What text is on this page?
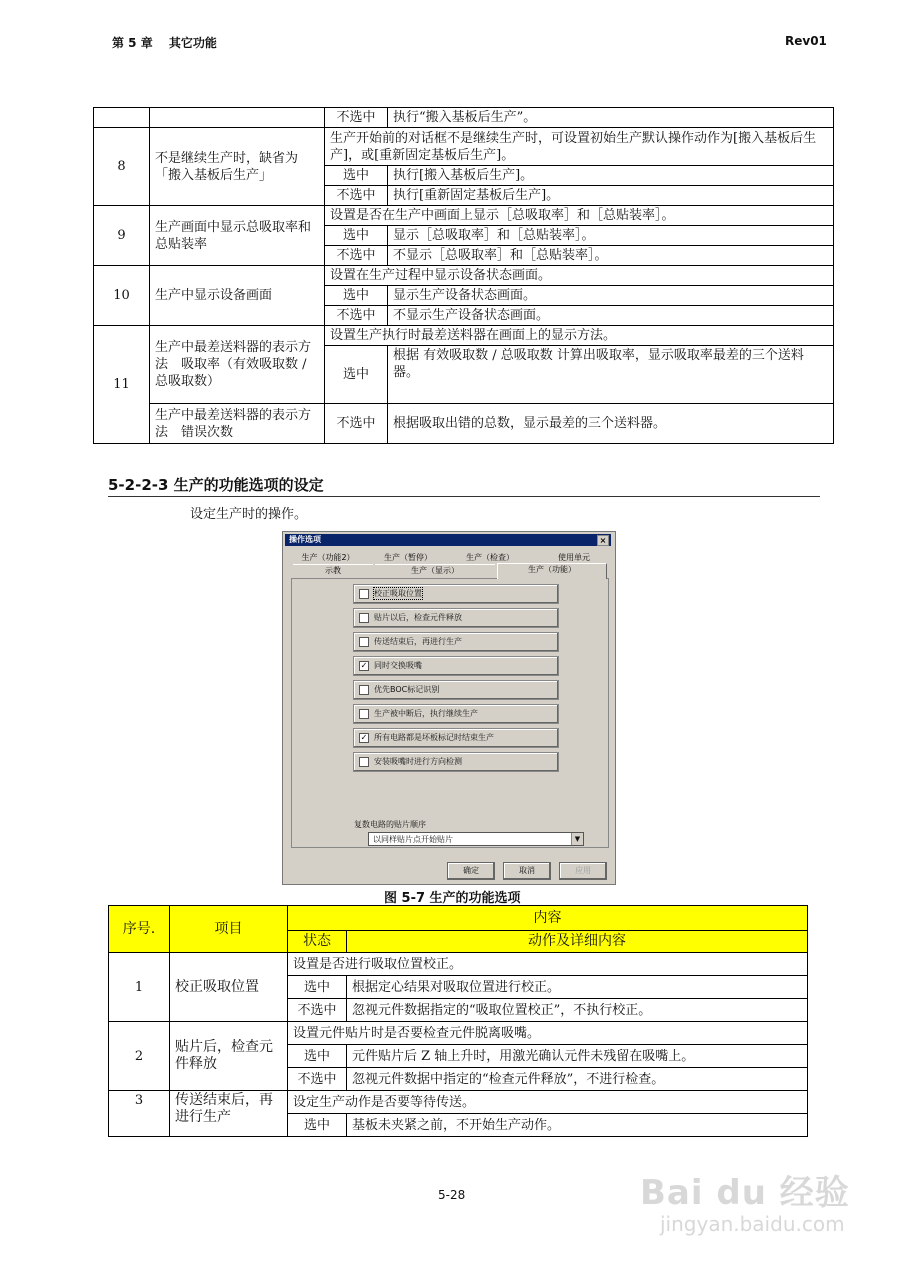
第 5 章　 其它功能	Rev01
		不选中	执行“搬入基板后生产”。
8	不是继续生产时，缺省为「搬入基板后生产」	生产开始前的对话框不是继续生产时，可设置初始生产默认操作动作为[搬入基板后生产]，或[重新固定基板后生产]。	
		选中	执行[搬入基板后生产]。
		不选中	执行[重新固定基板后生产]。
9	生产画面中显示总吸取率和总贴装率	设置是否在生产中画面上显示［总吸取率］和［总贴装率］。	
		选中	显示［总吸取率］和［总贴装率］。
		不选中	不显示［总吸取率］和［总贴装率］。
10	生产中显示设备画面	设置在生产过程中显示设备状态画面。	
		选中	显示生产设备状态画面。
		不选中	不显示生产设备状态画面。
11	生产中最差送料器的表示方法　吸取率（有效吸取数 / 总吸取数）	设置生产执行时最差送料器在画面上的显示方法。	
		选中	根据 有效吸取数 / 总吸取数 计算出吸取率，显示吸取率最差的三个送料器。
	生产中最差送料器的表示方法　错误次数	不选中	根据吸取出错的总数，显示最差的三个送料器。
5-2-2-3 生产的功能选项的设定
设定生产时的操作。
操作选项	×
生产（功能2）	生产（暂停）	生产（检查）	使用单元
示教	生产（显示）	生产（功能）
校正吸取位置
贴片以后，检查元件释放
传送结束后，再进行生产
✓ 同时交换吸嘴
优先BOC标记识别
生产被中断后，执行继续生产
✓ 所有电路都是坏板标记时结束生产
安装吸嘴时进行方向检测
复数电路的贴片顺序
以同样贴片点开始贴片	▼
确定	取消	应用
图 5-7 生产的功能选项
序号.	项目	内容	
		状态	动作及详细内容
1	校正吸取位置	设置是否进行吸取位置校正。	
		选中	根据定心结果对吸取位置进行校正。
		不选中	忽视元件数据指定的“吸取位置校正”，不执行校正。
2	贴片后，检查元件释放	设置元件贴片时是否要检查元件脱离吸嘴。	
		选中	元件贴片后 Z 轴上升时，用激光确认元件未残留在吸嘴上。
		不选中	忽视元件数据中指定的“检查元件释放”，不进行检查。
3	传送结束后，再进行生产	设定生产动作是否要等待传送。	
		选中	基板未夹紧之前，不开始生产动作。
5-28	Bai du 经验
jingyan.baidu.com
